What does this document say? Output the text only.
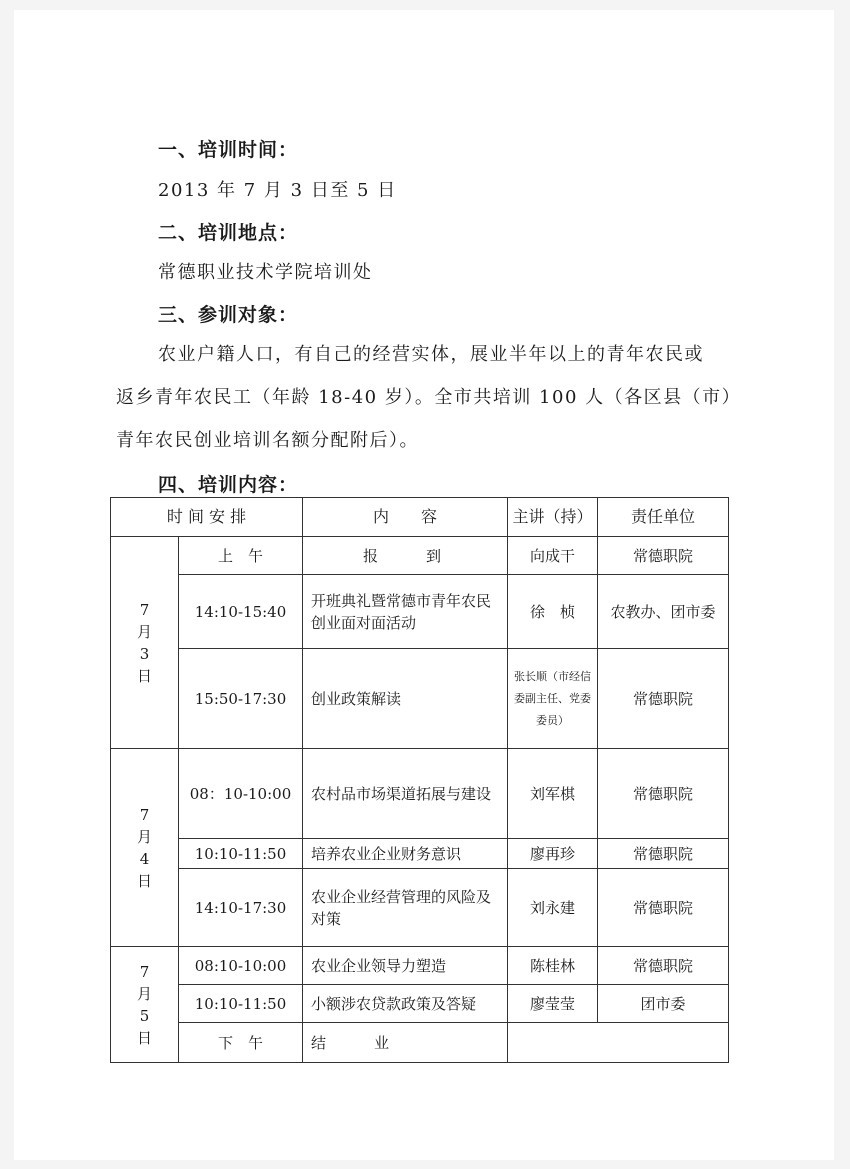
一、培训时间：
2013 年 7 月 3 日至 5 日
二、培训地点：
常德职业技术学院培训处
三、参训对象：
农业户籍人口，有自己的经营实体，展业半年以上的青年农民或
返乡青年农民工（年龄 18-40 岁）。全市共培训 100 人（各区县（市）
青年农民创业培训名额分配附后）。
四、培训内容：
时 间 安 排		内　　容	主讲（持）	责任单位

7
月
3
日	上　午	报　　到	向成干	常德职院
	14:10-15:40	开班典礼暨常德市青年农民创业面对面活动	徐　桢	农教办、团市委
	15:50-17:30	创业政策解读	张长顺（市经信委副主任、党委委员）	常德职院

7
月
4
日	08：10-10:00	农村品市场渠道拓展与建设	刘军棋	常德职院
	10:10-11:50	培养农业企业财务意识	廖再珍	常德职院
	14:10-17:30	农业企业经营管理的风险及对策	刘永建	常德职院

7
月
5
日	08:10-10:00	农业企业领导力塑造	陈桂林	常德职院
	10:10-11:50	小额涉农贷款政策及答疑	廖莹莹	团市委
	下　午	结　　业		
